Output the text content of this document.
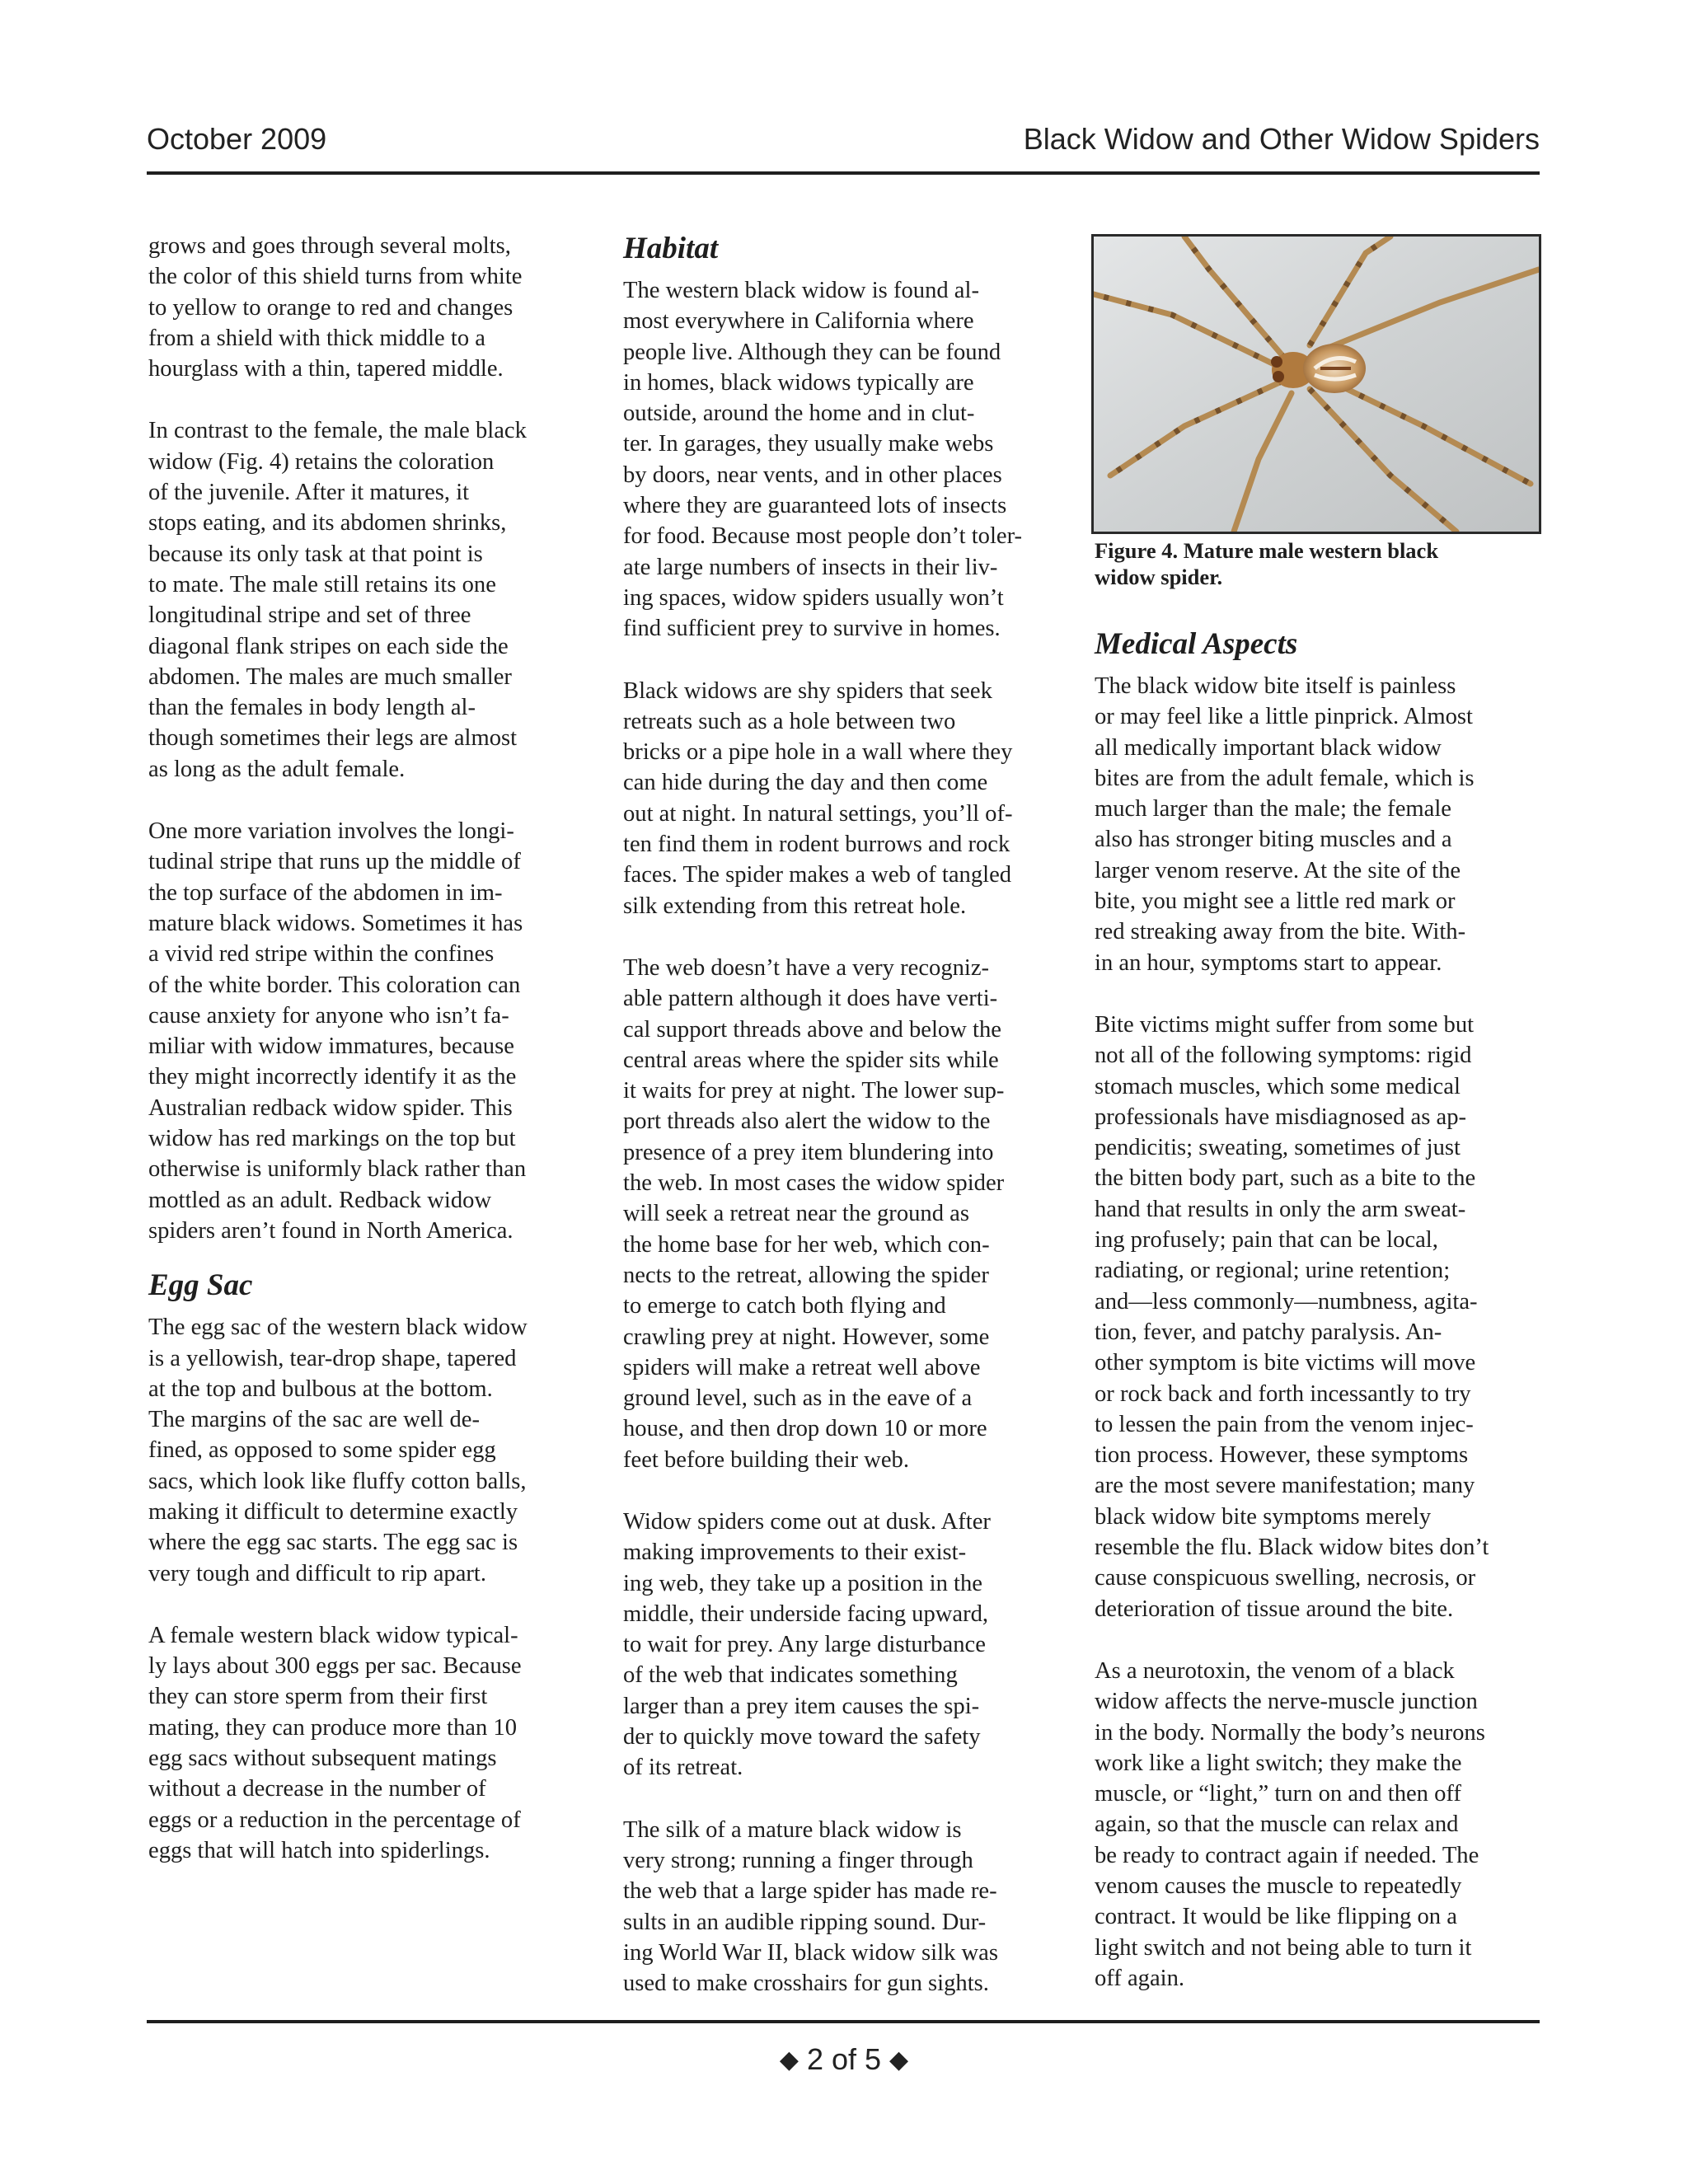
October 2009	Black Widow and Other Widow Spiders
grows and goes through several molts,
the color of this shield turns from white
to yellow to orange to red and changes
from a shield with thick middle to a
hourglass with a thin, tapered middle.
In contrast to the female, the male black
widow (Fig. 4) retains the coloration
of the juvenile. After it matures, it
stops eating, and its abdomen shrinks,
because its only task at that point is
to mate. The male still retains its one
longitudinal stripe and set of three
diagonal flank stripes on each side the
abdomen. The males are much smaller
than the females in body length al-
though sometimes their legs are almost
as long as the adult female.
One more variation involves the longi-
tudinal stripe that runs up the middle of
the top surface of the abdomen in im-
mature black widows. Sometimes it has
a vivid red stripe within the confines
of the white border. This coloration can
cause anxiety for anyone who isn’t fa-
miliar with widow immatures, because
they might incorrectly identify it as the
Australian redback widow spider. This
widow has red markings on the top but
otherwise is uniformly black rather than
mottled as an adult. Redback widow
spiders aren’t found in North America.
Egg Sac
The egg sac of the western black widow
is a yellowish, tear-drop shape, tapered
at the top and bulbous at the bottom.
The margins of the sac are well de-
fined, as opposed to some spider egg
sacs, which look like fluffy cotton balls,
making it difficult to determine exactly
where the egg sac starts. The egg sac is
very tough and difficult to rip apart.
A female western black widow typical-
ly lays about 300 eggs per sac. Because
they can store sperm from their first
mating, they can produce more than 10
egg sacs without subsequent matings
without a decrease in the number of
eggs or a reduction in the percentage of
eggs that will hatch into spiderlings.
Habitat
The western black widow is found al-
most everywhere in California where
people live. Although they can be found
in homes, black widows typically are
outside, around the home and in clut-
ter. In garages, they usually make webs
by doors, near vents, and in other places
where they are guaranteed lots of insects
for food. Because most people don’t toler-
ate large numbers of insects in their liv-
ing spaces, widow spiders usually won’t
find sufficient prey to survive in homes.
Black widows are shy spiders that seek
retreats such as a hole between two
bricks or a pipe hole in a wall where they
can hide during the day and then come
out at night. In natural settings, you’ll of-
ten find them in rodent burrows and rock
faces. The spider makes a web of tangled
silk extending from this retreat hole.
The web doesn’t have a very recogniz-
able pattern although it does have verti-
cal support threads above and below the
central areas where the spider sits while
it waits for prey at night. The lower sup-
port threads also alert the widow to the
presence of a prey item blundering into
the web. In most cases the widow spider
will seek a retreat near the ground as
the home base for her web, which con-
nects to the retreat, allowing the spider
to emerge to catch both flying and
crawling prey at night. However, some
spiders will make a retreat well above
ground level, such as in the eave of a
house, and then drop down 10 or more
feet before building their web.
Widow spiders come out at dusk. After
making improvements to their exist-
ing web, they take up a position in the
middle, their underside facing upward,
to wait for prey. Any large disturbance
of the web that indicates something
larger than a prey item causes the spi-
der to quickly move toward the safety
of its retreat.
The silk of a mature black widow is
very strong; running a finger through
the web that a large spider has made re-
sults in an audible ripping sound. Dur-
ing World War II, black widow silk was
used to make crosshairs for gun sights.
Figure 4. Mature male western black
widow spider.
Medical Aspects
The black widow bite itself is painless
or may feel like a little pinprick. Almost
all medically important black widow
bites are from the adult female, which is
much larger than the male; the female
also has stronger biting muscles and a
larger venom reserve. At the site of the
bite, you might see a little red mark or
red streaking away from the bite. With-
in an hour, symptoms start to appear.
Bite victims might suffer from some but
not all of the following symptoms: rigid
stomach muscles, which some medical
professionals have misdiagnosed as ap-
pendicitis; sweating, sometimes of just
the bitten body part, such as a bite to the
hand that results in only the arm sweat-
ing profusely; pain that can be local,
radiating, or regional; urine retention;
and—less commonly—numbness, agita-
tion, fever, and patchy paralysis. An-
other symptom is bite victims will move
or rock back and forth incessantly to try
to lessen the pain from the venom injec-
tion process. However, these symptoms
are the most severe manifestation; many
black widow bite symptoms merely
resemble the flu. Black widow bites don’t
cause conspicuous swelling, necrosis, or
deterioration of tissue around the bite.
As a neurotoxin, the venom of a black
widow affects the nerve-muscle junction
in the body. Normally the body’s neurons
work like a light switch; they make the
muscle, or “light,” turn on and then off
again, so that the muscle can relax and
be ready to contract again if needed. The
venom causes the muscle to repeatedly
contract. It would be like flipping on a
light switch and not being able to turn it
off again.
◆ 2 of 5 ◆
